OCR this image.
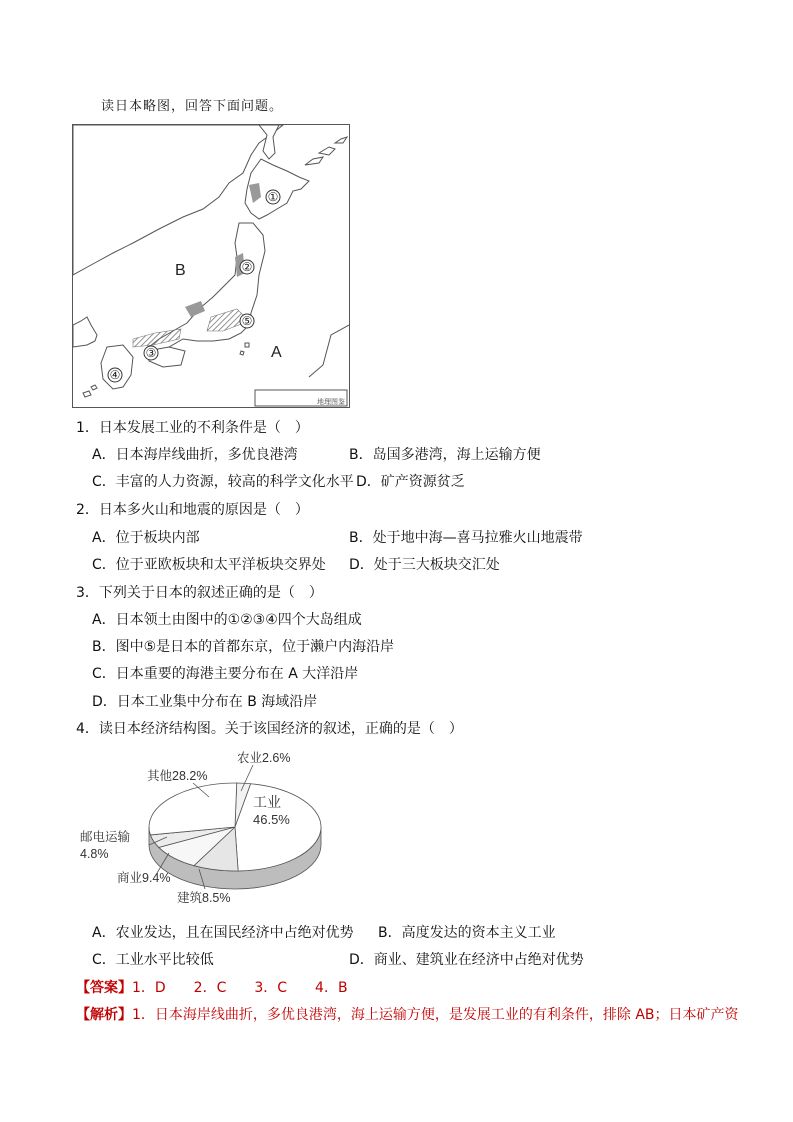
读日本略图，回答下面问题。
①
②
③
④
⑤
B
A
地理图鉴
1．日本发展工业的不利条件是（　）
A．日本海岸线曲折，多优良港湾	B．岛国多港湾，海上运输方便
C．丰富的人力资源，较高的科学文化水平 D．矿产资源贫乏
2．日本多火山和地震的原因是（　）
A．位于板块内部	B．处于地中海—喜马拉雅火山地震带
C．位于亚欧板块和太平洋板块交界处 D．处于三大板块交汇处
3．下列关于日本的叙述正确的是（　）
A．日本领土由图中的①②③④四个大岛组成
B．图中⑤是日本的首都东京，位于濑户内海沿岸
C．日本重要的海港主要分布在 A 大洋沿岸
D．日本工业集中分布在 B 海域沿岸
4．读日本经济结构图。关于该国经济的叙述，正确的是（　）
其他28.2%
农业2.6%
工业
46.5%
邮电运输
4.8%
商业9.4%
建筑8.5%
A．农业发达，且在国民经济中占绝对优势 B．高度发达的资本主义工业
C．工业水平比较低	D．商业、建筑业在经济中占绝对优势
【答案】1．D　　2．C　　3．C　　4．B
【解析】1．日本海岸线曲折，多优良港湾，海上运输方便，是发展工业的有利条件，排除 AB；日本矿产资
